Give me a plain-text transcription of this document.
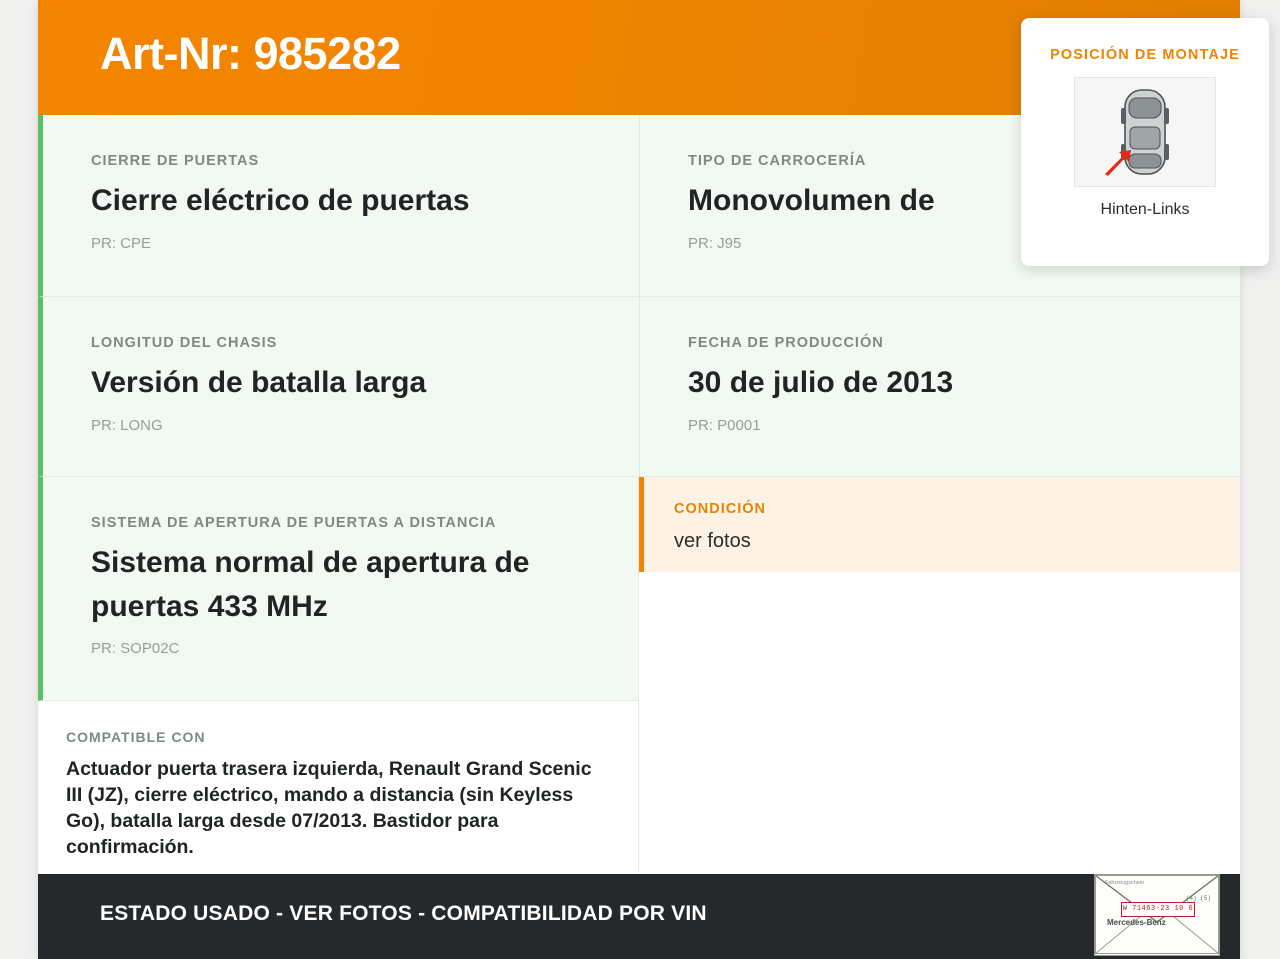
Art-Nr: 985282
CIERRE DE PUERTAS
Cierre eléctrico de puertas
PR: CPE
TIPO DE CARROCERÍA
Monovolumen de
PR: J95
LONGITUD DEL CHASIS
Versión de batalla larga
PR: LONG
FECHA DE PRODUCCIÓN
30 de julio de 2013
PR: P0001
SISTEMA DE APERTURA DE PUERTAS A DISTANCIA
Sistema normal de apertura de puertas 433 MHz
PR: SOP02C
CONDICIÓN
ver fotos
COMPATIBLE CON
Actuador puerta trasera izquierda, Renault Grand Scenic III (JZ), cierre eléctrico, mando a distancia (sin Keyless Go), batalla larga desde 07/2013. Bastidor para confirmación.
ESTADO USADO - VER FOTOS - COMPATIBILIDAD POR VIN
Fahrzeugschein
(4) (5)
W 71463-23 10 6
Mercedes-Benz
POSICIÓN DE MONTAJE
Hinten-Links
